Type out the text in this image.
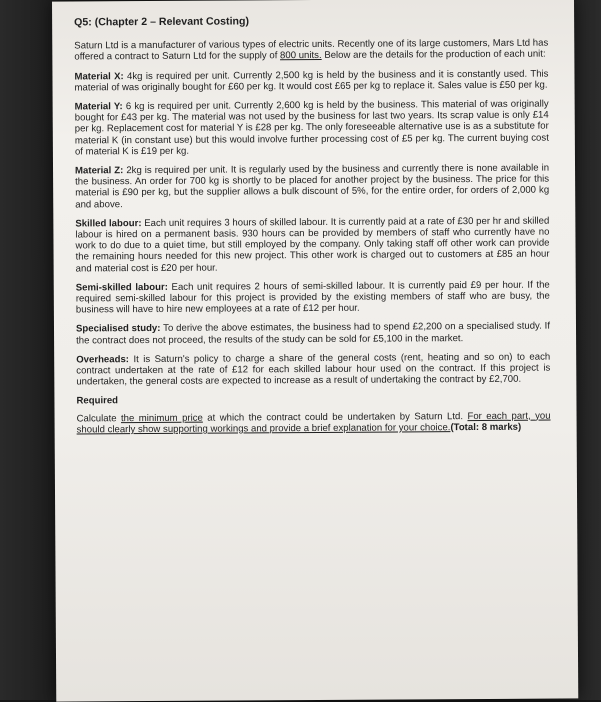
Q5: (Chapter 2 – Relevant Costing)

Saturn Ltd is a manufacturer of various types of electric units. Recently one of its large customers, Mars Ltd has offered a contract to Saturn Ltd for the supply of 800 units. Below are the details for the production of each unit:

Material X: 4kg is required per unit. Currently 2,500 kg is held by the business and it is constantly used. This material of was originally bought for £60 per kg. It would cost £65 per kg to replace it. Sales value is £50 per kg.

Material Y: 6 kg is required per unit. Currently 2,600 kg is held by the business. This material of was originally bought for £43 per kg. The material was not used by the business for last two years. Its scrap value is only £14 per kg. Replacement cost for material Y is £28 per kg. The only foreseeable alternative use is as a substitute for material K (in constant use) but this would involve further processing cost of £5 per kg. The current buying cost of material K is £19 per kg.

Material Z: 2kg is required per unit. It is regularly used by the business and currently there is none available in the business. An order for 700 kg is shortly to be placed for another project by the business. The price for this material is £90 per kg, but the supplier allows a bulk discount of 5%, for the entire order, for orders of 2,000 kg and above.

Skilled labour: Each unit requires 3 hours of skilled labour. It is currently paid at a rate of £30 per hr and skilled labour is hired on a permanent basis. 930 hours can be provided by members of staff who currently have no work to do due to a quiet time, but still employed by the company. Only taking staff off other work can provide the remaining hours needed for this new project. This other work is charged out to customers at £85 an hour and material cost is £20 per hour.

Semi-skilled labour: Each unit requires 2 hours of semi-skilled labour. It is currently paid £9 per hour. If the required semi-skilled labour for this project is provided by the existing members of staff who are busy, the business will have to hire new employees at a rate of £12 per hour.

Specialised study: To derive the above estimates, the business had to spend £2,200 on a specialised study. If the contract does not proceed, the results of the study can be sold for £5,100 in the market.

Overheads: It is Saturn's policy to charge a share of the general costs (rent, heating and so on) to each contract undertaken at the rate of £12 for each skilled labour hour used on the contract. If this project is undertaken, the general costs are expected to increase as a result of undertaking the contract by £2,700.

Required

Calculate the minimum price at which the contract could be undertaken by Saturn Ltd. For each part, you should clearly show supporting workings and provide a brief explanation for your choice.(Total: 8 marks)
